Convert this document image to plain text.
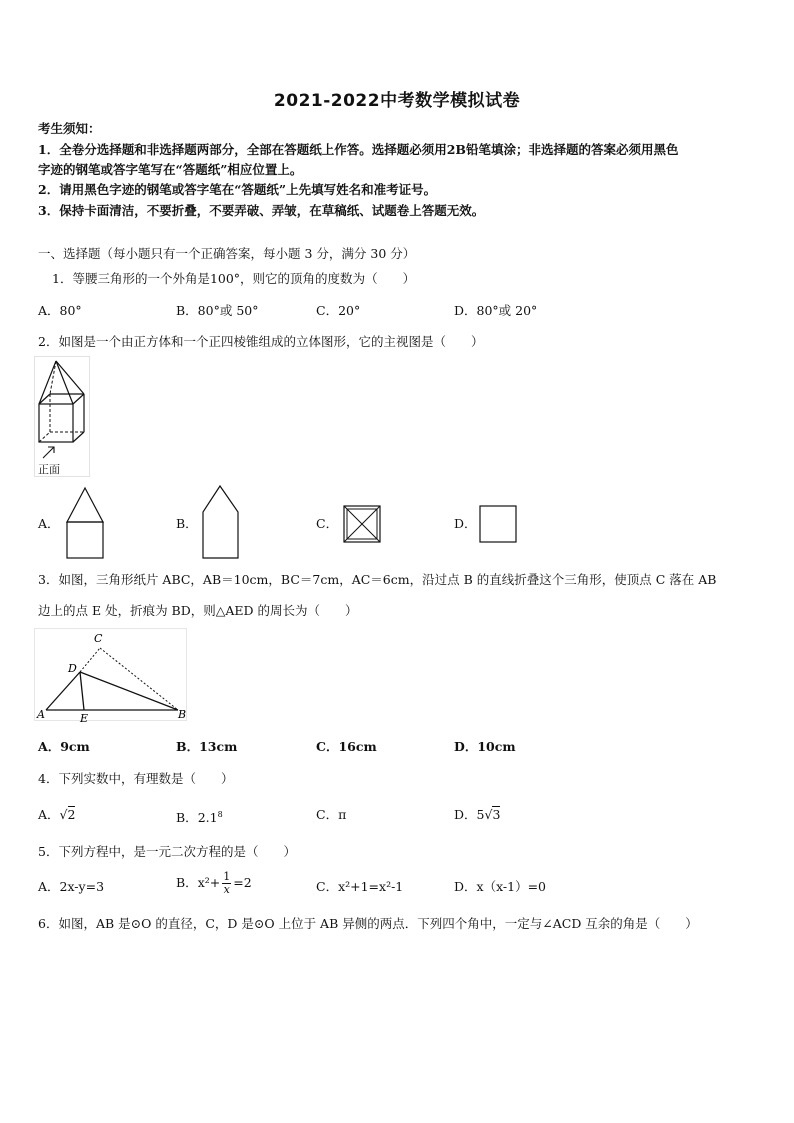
2021-2022中考数学模拟试卷
考生须知：
1．全卷分选择题和非选择题两部分，全部在答题纸上作答。选择题必须用2B铅笔填涂；非选择题的答案必须用黑色
字迹的钢笔或答字笔写在“答题纸”相应位置上。
2．请用黑色字迹的钢笔或答字笔在“答题纸”上先填写姓名和准考证号。
3．保持卡面清洁，不要折叠，不要弄破、弄皱，在草稿纸、试题卷上答题无效。
一、选择题（每小题只有一个正确答案，每小题 3 分，满分 30 分）
1．等腰三角形的一个外角是100°，则它的顶角的度数为（　　）
A．80°	B．80°或 50°	C．20°	D．80°或 20°
2．如图是一个由正方体和一个正四棱锥组成的立体图形，它的主视图是（　　）
正面
A．	B．	C．	D．
3．如图，三角形纸片 ABC，AB＝10cm，BC＝7cm，AC＝6cm，沿过点 B 的直线折叠这个三角形，使顶点 C 落在 AB
边上的点 E 处，折痕为 BD，则△AED 的周长为（　　）
C
D
A	E	B
A．9cm	B．13cm	C．16cm	D．10cm
4．下列实数中，有理数是（　　）
A．√2	B．$2.1^8$	C．π	D．5√3
5．下列方程中，是一元二次方程的是（　　）
A．2x-y=3	B．$x^2+ \frac{1}{x} =2$	C．x²+1=x²-1	D．x（x-1）=0
6．如图，AB 是⊙O 的直径，C，D 是⊙O 上位于 AB 异侧的两点．下列四个角中，一定与∠ACD 互余的角是（　　）
